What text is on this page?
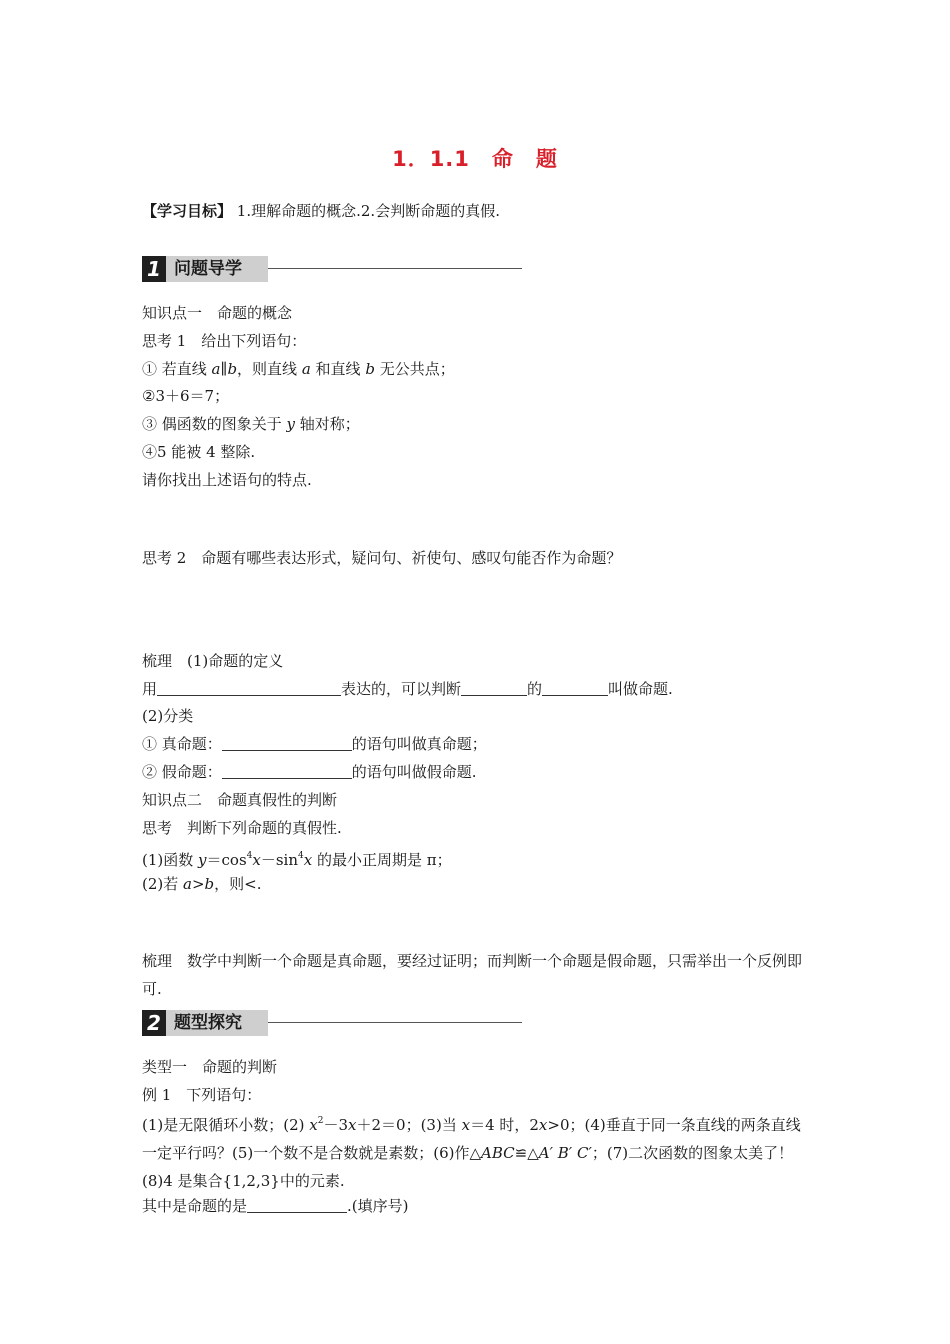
1．1.1　命　题
【学习目标】 1.理解命题的概念.2.会判断命题的真假.
1 问题导学
知识点一　命题的概念
思考 1　给出下列语句：
① 若直线 a∥b，则直线 a 和直线 b 无公共点；
②3＋6＝7；
③ 偶函数的图象关于 y 轴对称；
④5 能被 4 整除.
请你找出上述语句的特点.
思考 2　命题有哪些表达形式，疑问句、祈使句、感叹句能否作为命题？
梳理　(1)命题的定义
用	表达的，可以判断	的	叫做命题.
(2)分类
① 真命题：	的语句叫做真命题；
② 假命题：	的语句叫做假命题.
知识点二　命题真假性的判断
思考　判断下列命题的真假性.
(1)函数 $y=\cos^4x-\sin^4x$ 的最小正周期是 π；
(2)若 a>b，则<.
梳理　数学中判断一个命题是真命题，要经过证明；而判断一个命题是假命题，只需举出一个反例即可.
2 题型探究
类型一　命题的判断
例 1　下列语句：
(1)是无限循环小数；(2) $x^2-3x+2=0$；(3)当 x＝4 时，2x>0；(4)垂直于同一条直线的两条直线一定平行吗？(5)一个数不是合数就是素数；(6)作△ABC≌△A′ B′ C′；(7)二次函数的图象太美了！(8)4 是集合{1,2,3}中的元素.
其中是命题的是	.(填序号)
